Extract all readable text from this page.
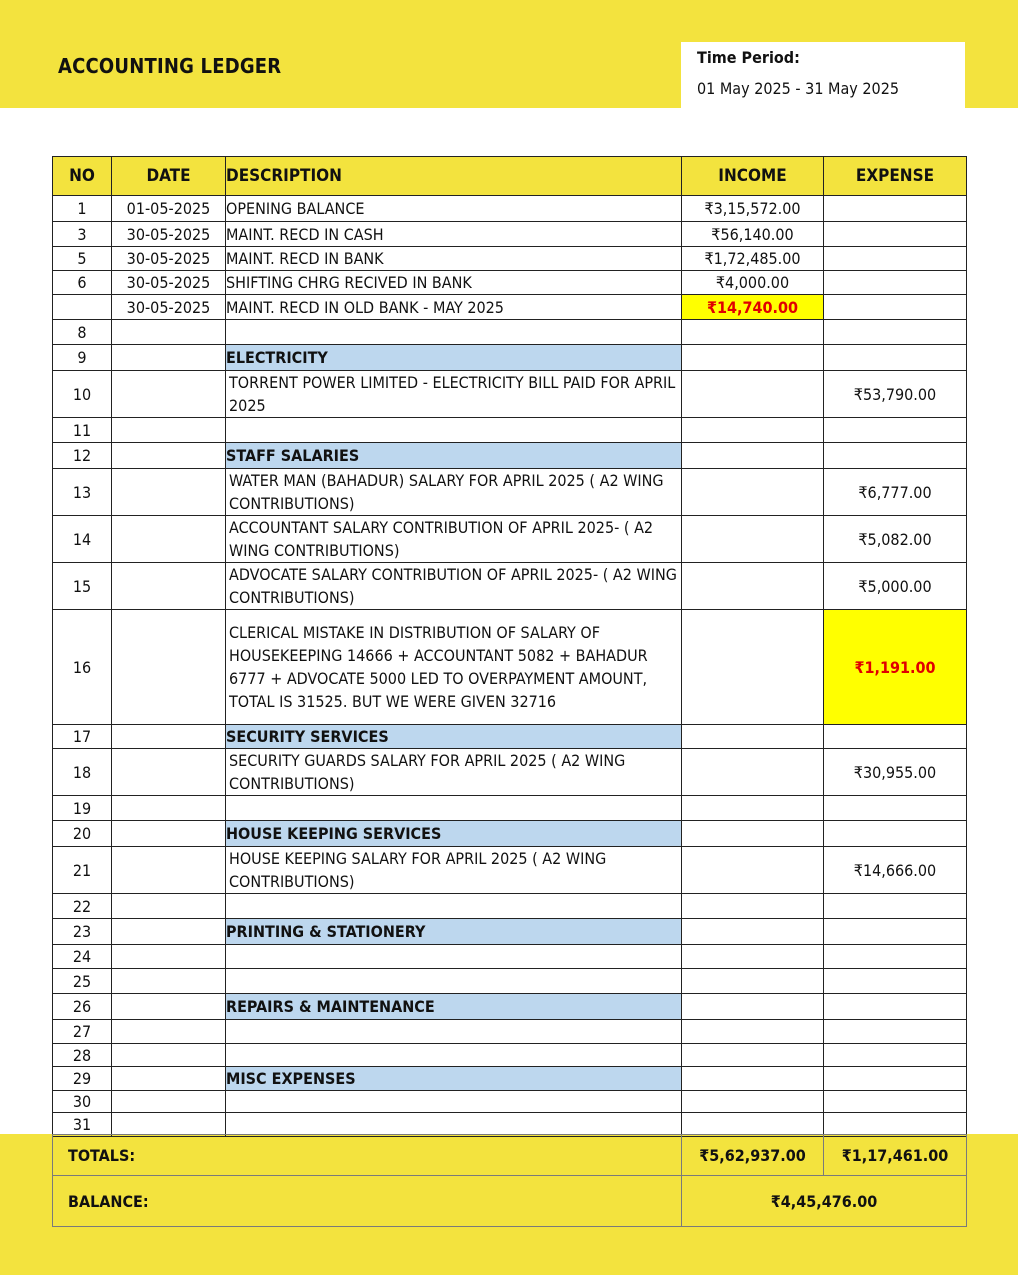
ACCOUNTING LEDGER	Time Period:
01 May 2025 - 31 May 2025
NO	DATE	DESCRIPTION	INCOME	EXPENSE
1	01-05-2025	OPENING BALANCE	₹3,15,572.00	
3	30-05-2025	MAINT. RECD IN CASH	₹56,140.00	
5	30-05-2025	MAINT. RECD IN BANK	₹1,72,485.00	
6	30-05-2025	SHIFTING CHRG RECIVED IN BANK	₹4,000.00	
	30-05-2025	MAINT. RECD IN OLD BANK - MAY 2025	₹14,740.00	
8				
9		ELECTRICITY		
10		TORRENT POWER LIMITED - ELECTRICITY BILL PAID FOR APRIL 2025		₹53,790.00
11				
12		STAFF SALARIES		
13		WATER MAN (BAHADUR) SALARY FOR APRIL 2025 ( A2 WING CONTRIBUTIONS)		₹6,777.00
14		ACCOUNTANT SALARY CONTRIBUTION OF APRIL 2025- ( A2 WING CONTRIBUTIONS)		₹5,082.00
15		ADVOCATE SALARY CONTRIBUTION OF APRIL 2025- ( A2 WING CONTRIBUTIONS)		₹5,000.00
16		CLERICAL MISTAKE IN DISTRIBUTION OF SALARY OF HOUSEKEEPING 14666 + ACCOUNTANT 5082 + BAHADUR 6777 + ADVOCATE 5000 LED TO OVERPAYMENT AMOUNT, TOTAL IS 31525. BUT WE WERE GIVEN 32716		₹1,191.00
17		SECURITY SERVICES		
18		SECURITY GUARDS SALARY FOR APRIL 2025 ( A2 WING CONTRIBUTIONS)		₹30,955.00
19				
20		HOUSE KEEPING SERVICES		
21		HOUSE KEEPING SALARY FOR APRIL 2025 ( A2 WING CONTRIBUTIONS)		₹14,666.00
22				
23		PRINTING & STATIONERY		
24				
25				
26		REPAIRS & MAINTENANCE		
27				
28				
29		MISC EXPENSES		
30				
31				
TOTALS:	₹5,62,937.00	₹1,17,461.00
BALANCE:	₹4,45,476.00	
